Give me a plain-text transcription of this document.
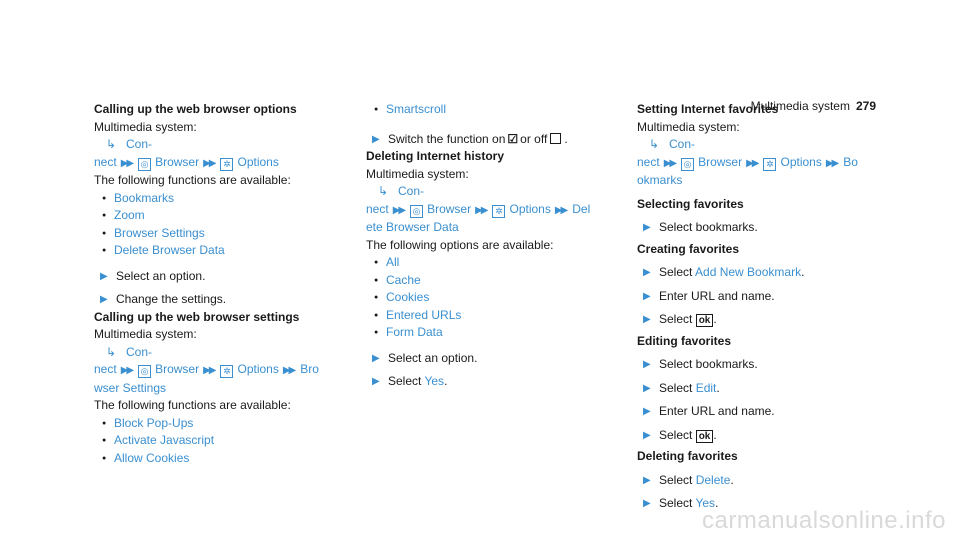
Multimedia system 279
Calling up the web browser options
Multimedia system:
↳ Con-
nect ▶▶ ◎ Browser ▶▶ ✲ Options
The following functions are available:
● Bookmarks
● Zoom
● Browser Settings
● Delete Browser Data
▶ Select an option.
▶ Change the settings.
Calling up the web browser settings
Multimedia system:
↳ Con-
nect ▶▶ ◎ Browser ▶▶ ✲ Options ▶▶ Bro
wser Settings
The following functions are available:
● Block Pop-Ups
● Activate Javascript
● Allow Cookies
● Smartscroll
▶ Switch the function on ☑ or off .
Deleting Internet history
Multimedia system:
↳ Con-
nect ▶▶ ◎ Browser ▶▶ ✲ Options ▶▶ Del
ete Browser Data
The following options are available:
● All
● Cache
● Cookies
● Entered URLs
● Form Data
▶ Select an option.
▶ Select Yes.
Setting Internet favorites
Multimedia system:
↳ Con-
nect ▶▶ ◎ Browser ▶▶ ✲ Options ▶▶ Bo
okmarks
Selecting favorites
▶ Select bookmarks.
Creating favorites
▶ Select Add New Bookmark.
▶ Enter URL and name.
▶ Select ok .
Editing favorites
▶ Select bookmarks.
▶ Select Edit.
▶ Enter URL and name.
▶ Select ok .
Deleting favorites
▶ Select Delete.
▶ Select Yes.
carmanualsonline.info
